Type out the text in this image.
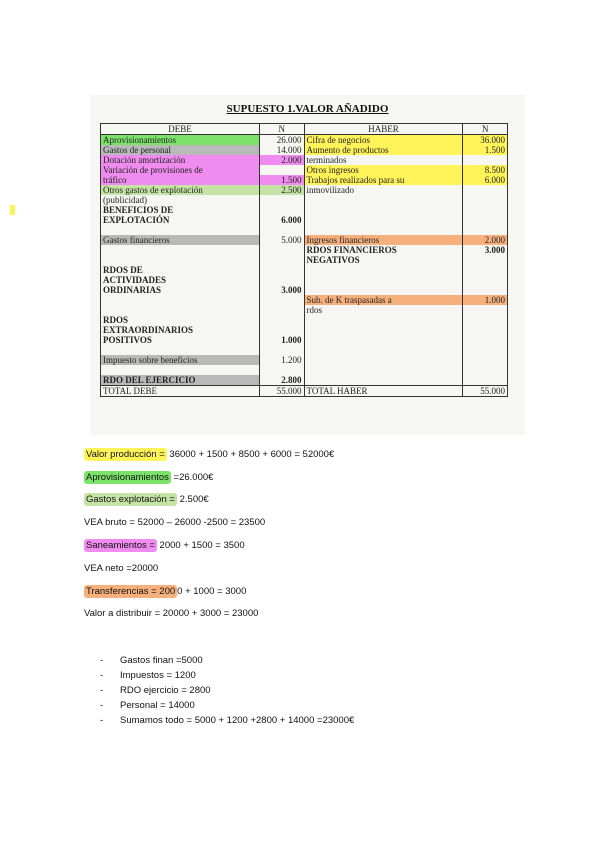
SUPUESTO 1.VALOR AÑADIDO
DEBE	N	HABER	N
Aprovisionamientos	26.000	Cifra de negocios	36.000
Gastos de personal	14.000	Aumento de productos	1.500
Dotación amortización	2.000	terminados	
Variación de provisiones de		Otros ingresos	8.500
tráfico	1.500	Trabajos realizados para su	6.000
Otros gastos de explotación	2.500	inmovilizado	
(publicidad)			
BENEFICIOS DE			
EXPLOTACIÓN	6.000		

Gastos financieros	5.000	Ingresos financieros	2.000
		RDOS FINANCIEROS	3.000
		NEGATIVOS	
RDOS DE			
ACTIVIDADES			
ORDINARIAS	3.000		
		Sub. de K traspasadas a	1.000
		rdos	
RDOS			
EXTRAORDINARIOS			
POSITIVOS	1.000		

Impuesto sobre beneficios	1.200		

RDO DEL EJERCICIO	2.800		
TOTAL DEBE	55.000	TOTAL HABER	55.000
Valor producción = 36000 + 1500 + 8500 + 6000 = 52000€
Aprovisionamientos =26.000€
Gastos explotación = 2.500€
VEA bruto = 52000 – 26000 -2500 = 23500
Saneamientos = 2000 + 1500 = 3500
VEA neto =20000
Transferencias = 200 0 + 1000 = 3000
Valor a distribuir = 20000 + 3000 = 23000
- Gastos finan =5000
- Impuestos = 1200
- RDO ejercicio = 2800
- Personal = 14000
- Sumamos todo = 5000 + 1200 +2800 + 14000 =23000€
